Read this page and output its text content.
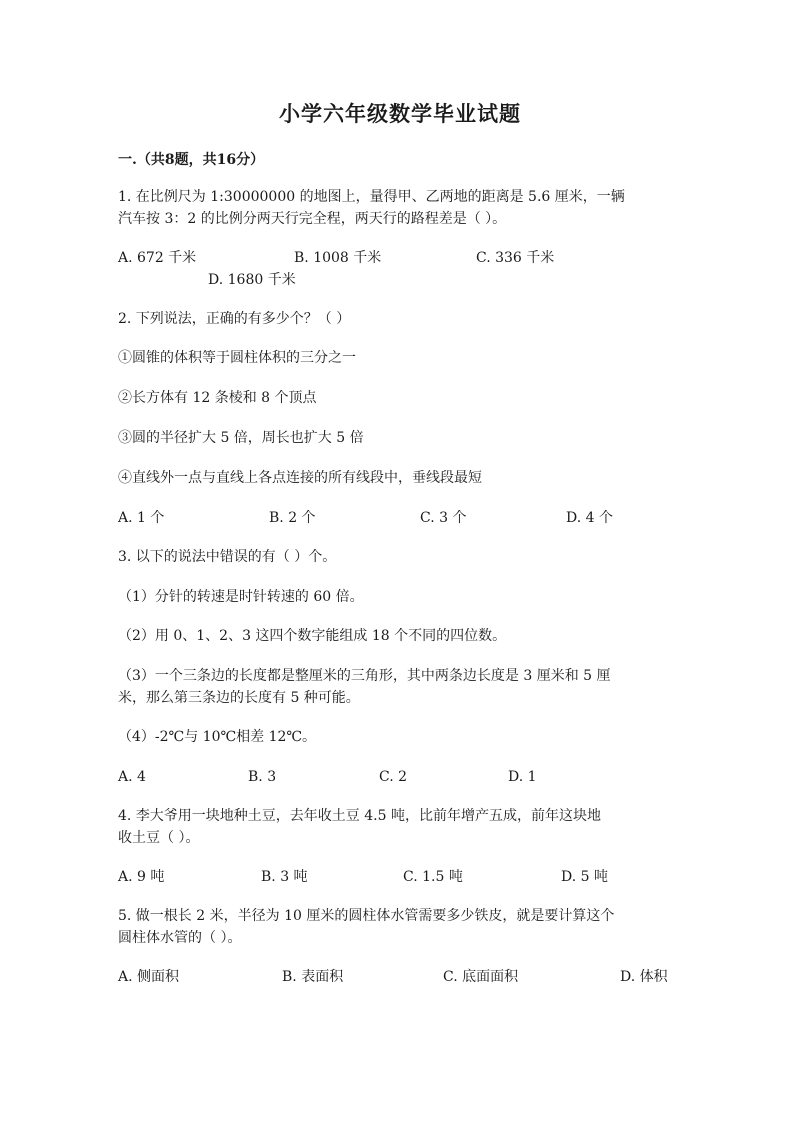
小学六年级数学毕业试题
一.（共8题，共16分）
1. 在比例尺为 1:30000000 的地图上，量得甲、乙两地的距离是 5.6 厘米，一辆
汽车按 3：2 的比例分两天行完全程，两天行的路程差是（ ）。
A. 672 千米	B. 1008 千米	C. 336 千米
D. 1680 千米
2. 下列说法，正确的有多少个？（ ）
①圆锥的体积等于圆柱体积的三分之一
②长方体有 12 条棱和 8 个顶点
③圆的半径扩大 5 倍，周长也扩大 5 倍
④直线外一点与直线上各点连接的所有线段中，垂线段最短
A. 1 个	B. 2 个	C. 3 个	D. 4 个
3. 以下的说法中错误的有（ ）个。
（1）分针的转速是时针转速的 60 倍。
（2）用 0、1、2、3 这四个数字能组成 18 个不同的四位数。
（3）一个三条边的长度都是整厘米的三角形，其中两条边长度是 3 厘米和 5 厘
米，那么第三条边的长度有 5 种可能。
（4）-2℃与 10℃相差 12℃。
A. 4	B. 3	C. 2	D. 1
4. 李大爷用一块地种土豆，去年收土豆 4.5 吨，比前年增产五成，前年这块地
收土豆（ ）。
A. 9 吨	B. 3 吨	C. 1.5 吨	D. 5 吨
5. 做一根长 2 米，半径为 10 厘米的圆柱体水管需要多少铁皮，就是要计算这个
圆柱体水管的（ ）。
A. 侧面积	B. 表面积	C. 底面面积	D. 体积
